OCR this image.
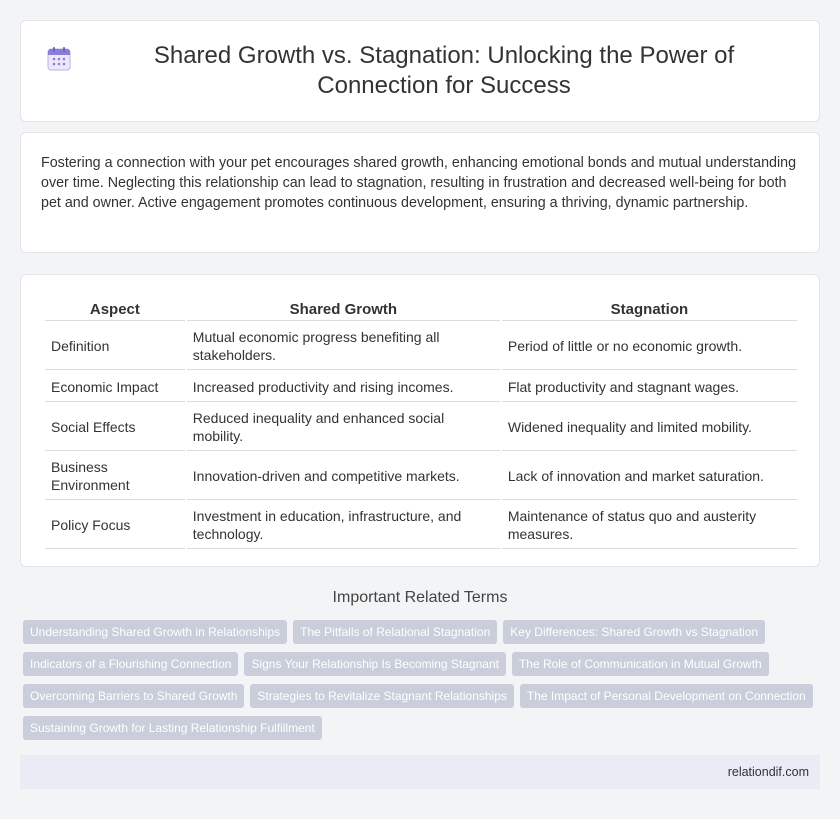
Shared Growth vs. Stagnation: Unlocking the Power of Connection for Success

Fostering a connection with your pet encourages shared growth, enhancing emotional bonds and mutual understanding over time. Neglecting this relationship can lead to stagnation, resulting in frustration and decreased well-being for both pet and owner. Active engagement promotes continuous development, ensuring a thriving, dynamic partnership.

Aspect	Shared Growth	Stagnation
Definition	Mutual economic progress benefiting all stakeholders.	Period of little or no economic growth.
Economic Impact	Increased productivity and rising incomes.	Flat productivity and stagnant wages.
Social Effects	Reduced inequality and enhanced social mobility.	Widened inequality and limited mobility.
Business Environment	Innovation-driven and competitive markets.	Lack of innovation and market saturation.
Policy Focus	Investment in education, infrastructure, and technology.	Maintenance of status quo and austerity measures.
Important Related Terms
Understanding Shared Growth in Relationships	The Pitfalls of Relational Stagnation	Key Differences: Shared Growth vs Stagnation
Indicators of a Flourishing Connection	Signs Your Relationship Is Becoming Stagnant	The Role of Communication in Mutual Growth
Overcoming Barriers to Shared Growth	Strategies to Revitalize Stagnant Relationships	The Impact of Personal Development on Connection
Sustaining Growth for Lasting Relationship Fulfillment
relationdif.com
